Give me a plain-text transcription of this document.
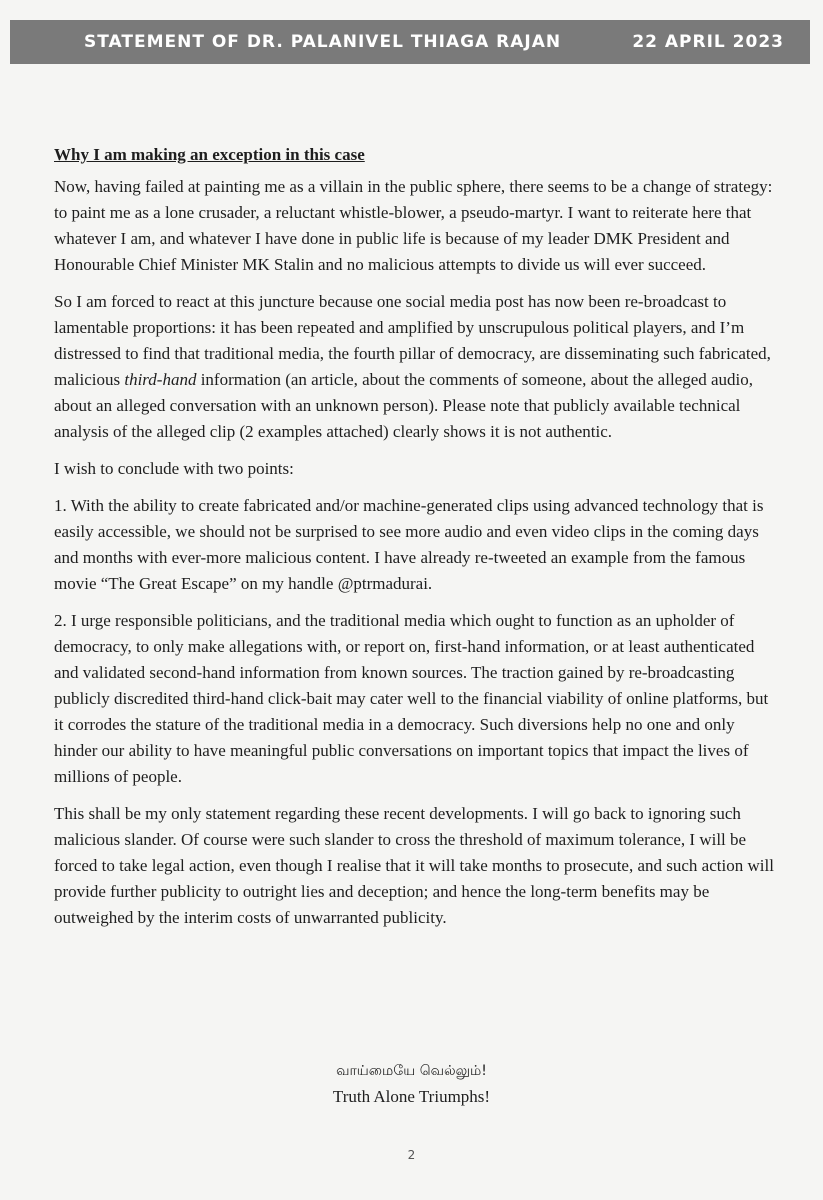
STATEMENT OF DR. PALANIVEL THIAGA RAJAN	22 APRIL 2023
Why I am making an exception in this case

Now, having failed at painting me as a villain in the public sphere, there seems to be a change of strategy: to paint me as a lone crusader, a reluctant whistle-blower, a pseudo-martyr. I want to reiterate here that whatever I am, and whatever I have done in public life is because of my leader DMK President and Honourable Chief Minister MK Stalin and no malicious attempts to divide us will ever succeed.

So I am forced to react at this juncture because one social media post has now been re-broadcast to lamentable proportions: it has been repeated and amplified by unscrupulous political players, and I’m distressed to find that traditional media, the fourth pillar of democracy, are disseminating such fabricated, malicious third-hand information (an article, about the comments of someone, about the alleged audio, about an alleged conversation with an unknown person). Please note that publicly available technical analysis of the alleged clip (2 examples attached) clearly shows it is not authentic.

I wish to conclude with two points:

1. With the ability to create fabricated and/or machine-generated clips using advanced technology that is easily accessible, we should not be surprised to see more audio and even video clips in the coming days and months with ever-more malicious content. I have already re-tweeted an example from the famous movie “The Great Escape” on my handle @ptrmadurai.

2. I urge responsible politicians, and the traditional media which ought to function as an upholder of democracy, to only make allegations with, or report on, first-hand information, or at least authenticated and validated second-hand information from known sources. The traction gained by re-broadcasting publicly discredited third-hand click-bait may cater well to the financial viability of online platforms, but it corrodes the stature of the traditional media in a democracy. Such diversions help no one and only hinder our ability to have meaningful public conversations on important topics that impact the lives of millions of people.

This shall be my only statement regarding these recent developments. I will go back to ignoring such malicious slander. Of course were such slander to cross the threshold of maximum tolerance, I will be forced to take legal action, even though I realise that it will take months to prosecute, and such action will provide further publicity to outright lies and deception; and hence the long-term benefits may be outweighed by the interim costs of unwarranted publicity.

வாய்மையே வெல்லும்!
Truth Alone Triumphs!
2
